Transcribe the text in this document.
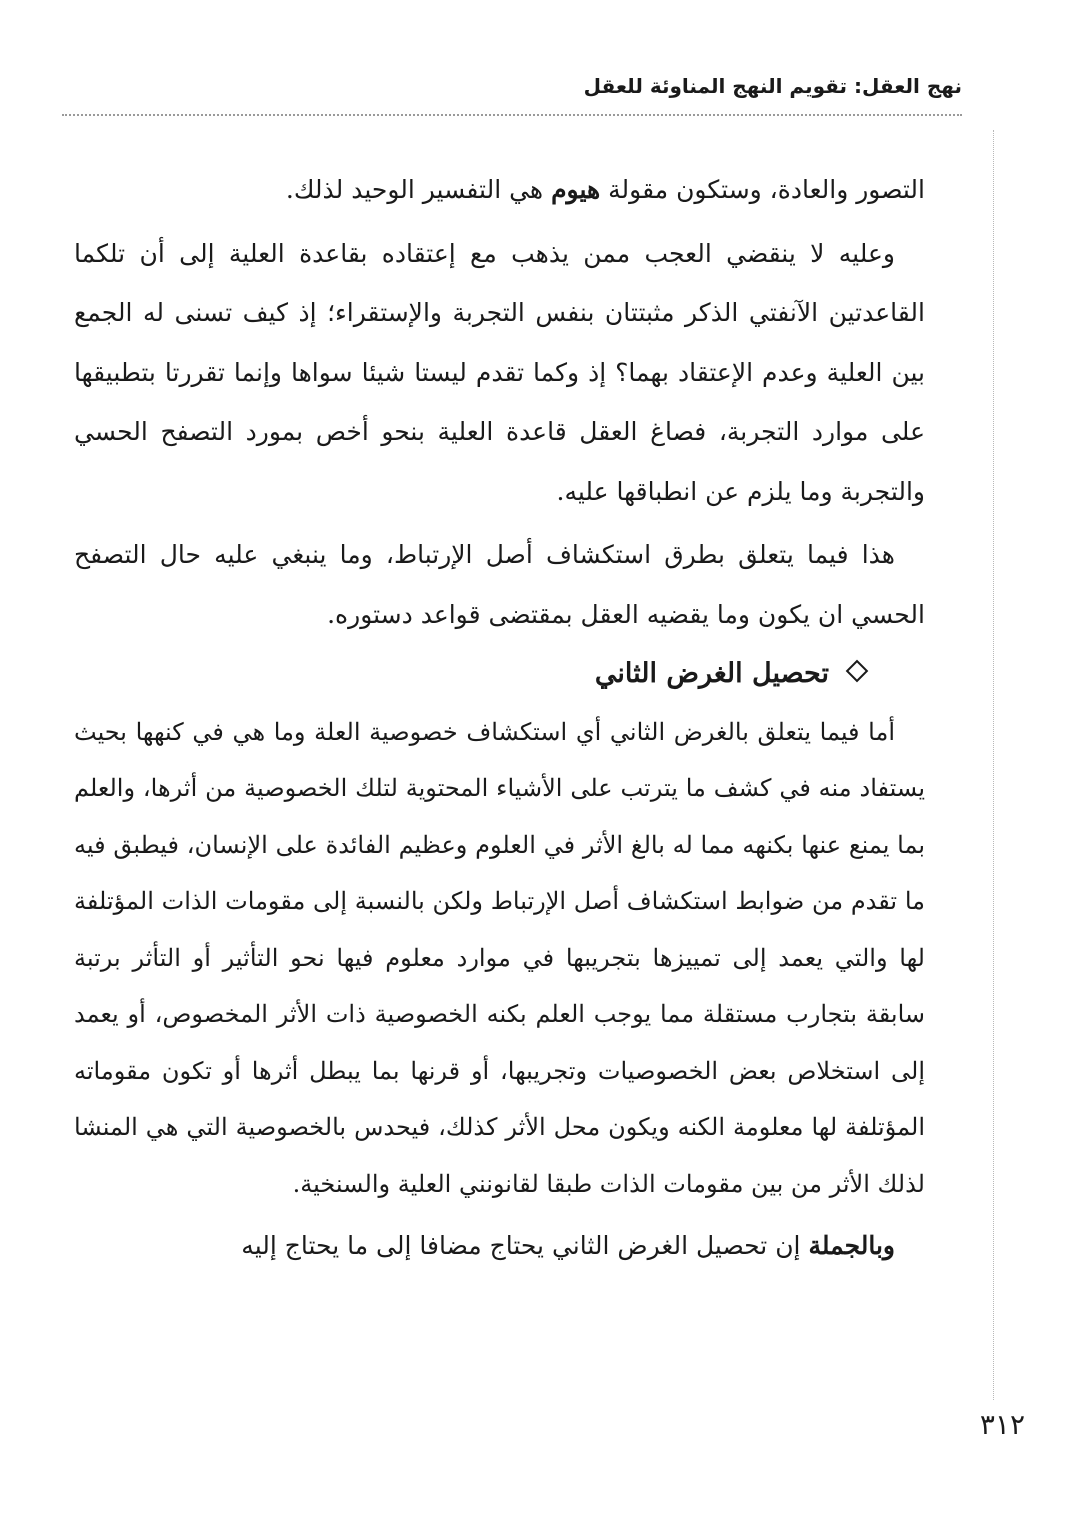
نهج العقل: تقويم النهج المناوئة للعقل

التصور والعادة، وستكون مقولة هيوم هي التفسير الوحيد لذلك.

وعليه لا ينقضي العجب ممن يذهب مع إعتقاده بقاعدة العلية إلى أن تلكما القاعدتين الآنفتي الذكر مثبتتان بنفس التجربة والإستقراء؛ إذ كيف تسنى له الجمع بين العلية وعدم الإعتقاد بهما؟ إذ وكما تقدم ليستا شيئا سواها وإنما تقررتا بتطبيقها على موارد التجربة، فصاغ العقل قاعدة العلية بنحو أخص بمورد التصفح الحسي والتجربة وما يلزم عن انطباقها عليه.

هذا فيما يتعلق بطرق استكشاف أصل الإرتباط، وما ينبغي عليه حال التصفح الحسي ان يكون وما يقضيه العقل بمقتضى قواعد دستوره.

تحصيل الغرض الثاني

أما فيما يتعلق بالغرض الثاني أي استكشاف خصوصية العلة وما هي في كنهها بحيث يستفاد منه في كشف ما يترتب على الأشياء المحتوية لتلك الخصوصية من أثرها، والعلم بما يمنع عنها بكنهه مما له بالغ الأثر في العلوم وعظيم الفائدة على الإنسان، فيطبق فيه ما تقدم من ضوابط استكشاف أصل الإرتباط ولكن بالنسبة إلى مقومات الذات المؤتلفة لها والتي يعمد إلى تمييزها بتجريبها في موارد معلوم فيها نحو التأثير أو التأثر برتبة سابقة بتجارب مستقلة مما يوجب العلم بكنه الخصوصية ذات الأثر المخصوص، أو يعمد إلى استخلاص بعض الخصوصيات وتجريبها، أو قرنها بما يبطل أثرها أو تكون مقوماته المؤتلفة لها معلومة الكنه ويكون محل الأثر كذلك، فيحدس بالخصوصية التي هي المنشا لذلك الأثر من بين مقومات الذات طبقا لقانونني العلية والسنخية.

وبالجملة إن تحصيل الغرض الثاني يحتاج مضافا إلى ما يحتاج إليه

٣١٢
